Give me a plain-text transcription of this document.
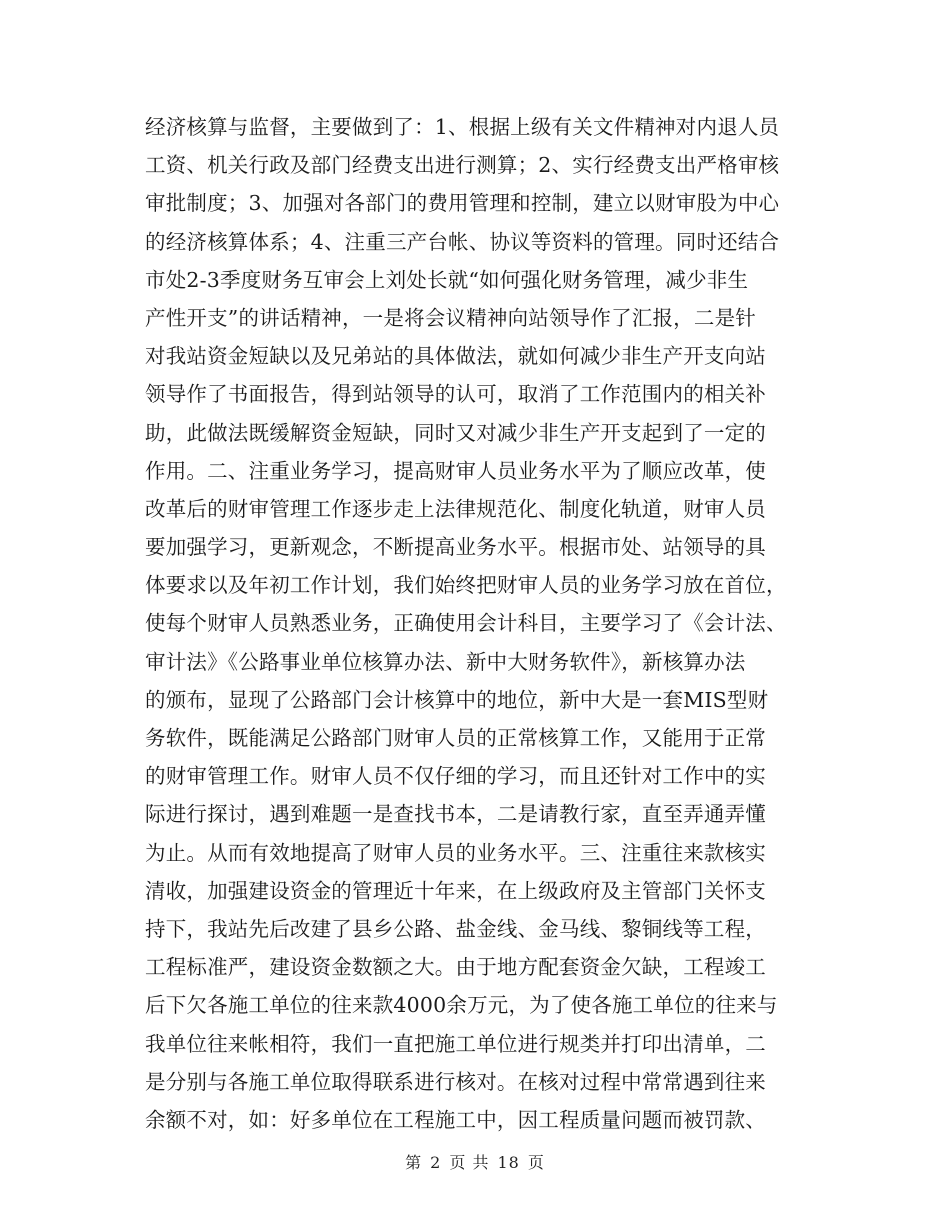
经济核算与监督，主要做到了：1、根据上级有关文件精神对内退人员
工资、机关行政及部门经费支出进行测算；2、实行经费支出严格审核
审批制度；3、加强对各部门的费用管理和控制，建立以财审股为中心
的经济核算体系；4、注重三产台帐、协议等资料的管理。同时还结合
市处2-3季度财务互审会上刘处长就“如何强化财务管理，减少非生
产性开支”的讲话精神，一是将会议精神向站领导作了汇报，二是针
对我站资金短缺以及兄弟站的具体做法，就如何减少非生产开支向站
领导作了书面报告，得到站领导的认可，取消了工作范围内的相关补
助，此做法既缓解资金短缺，同时又对减少非生产开支起到了一定的
作用。二、注重业务学习，提高财审人员业务水平为了顺应改革，使
改革后的财审管理工作逐步走上法律规范化、制度化轨道，财审人员
要加强学习，更新观念，不断提高业务水平。根据市处、站领导的具
体要求以及年初工作计划，我们始终把财审人员的业务学习放在首位，
使每个财审人员熟悉业务，正确使用会计科目，主要学习了《会计法、
审计法》《公路事业单位核算办法、新中大财务软件》，新核算办法
的颁布，显现了公路部门会计核算中的地位，新中大是一套MIS型财
务软件，既能满足公路部门财审人员的正常核算工作，又能用于正常
的财审管理工作。财审人员不仅仔细的学习，而且还针对工作中的实
际进行探讨，遇到难题一是查找书本，二是请教行家，直至弄通弄懂
为止。从而有效地提高了财审人员的业务水平。三、注重往来款核实
清收，加强建设资金的管理近十年来，在上级政府及主管部门关怀支
持下，我站先后改建了县乡公路、盐金线、金马线、黎铜线等工程，
工程标准严，建设资金数额之大。由于地方配套资金欠缺，工程竣工
后下欠各施工单位的往来款4000余万元，为了使各施工单位的往来与
我单位往来帐相符，我们一直把施工单位进行规类并打印出清单，二
是分别与各施工单位取得联系进行核对。在核对过程中常常遇到往来
余额不对，如：好多单位在工程施工中，因工程质量问题而被罚款、
第 2 页 共 18 页
